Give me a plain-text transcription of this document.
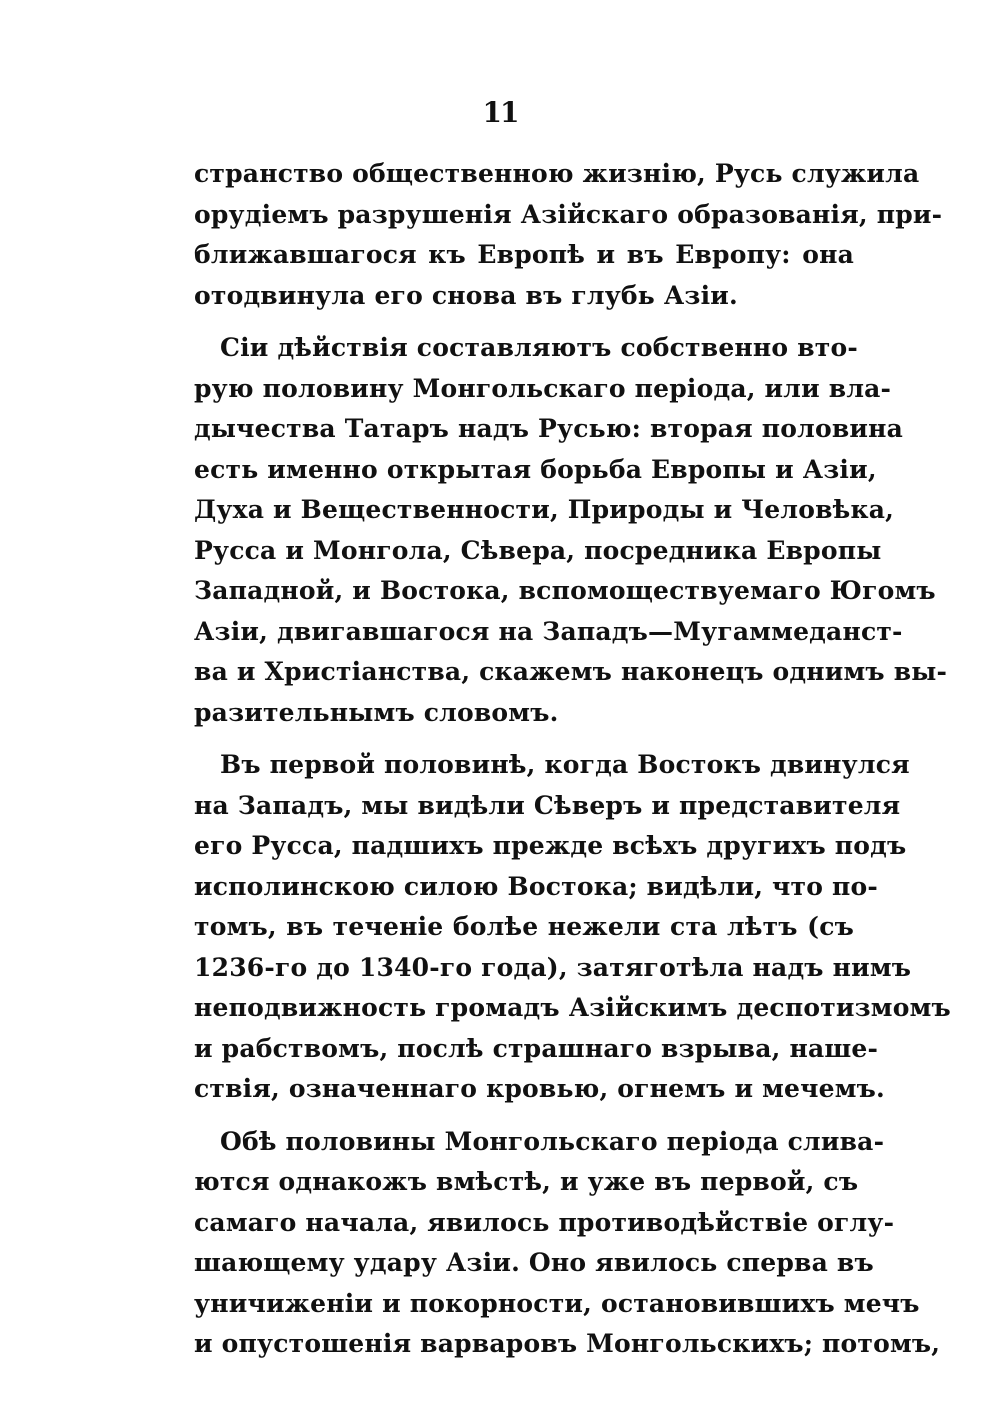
11
странство общественною жизнію, Русь служила
орудіемъ разрушенія Азійскаго образованія, при-
ближавшагося къ Европѣ и въ Европу: она
отодвинула его снова въ глубь Азіи.
Сіи дѣйствія составляютъ собственно вто-
рую половину Монгольскаго періода, или вла-
дычества Татаръ надъ Русью: вторая половина
есть именно открытая борьба Европы и Азіи,
Духа и Вещественности, Природы и Человѣка,
Русса и Монгола, Сѣвера, посредника Европы
Западной, и Востока, вспомоществуемаго Югомъ
Азіи, двигавшагося на Западъ—Мугаммеданст-
ва и Христіанства, скажемъ наконецъ однимъ вы-
разительнымъ словомъ.
Въ первой половинѣ, когда Востокъ двинулся
на Западъ, мы видѣли Сѣверъ и представителя
его Русса, падшихъ прежде всѣхъ другихъ подъ
исполинскою силою Востока; видѣли, что по-
томъ, въ теченіе болѣе нежели ста лѣтъ (съ
1236-го до 1340-го года), затяготѣла надъ нимъ
неподвижность громадъ Азійскимъ деспотизмомъ
и рабствомъ, послѣ страшнаго взрыва, наше-
ствія, означеннаго кровью, огнемъ и мечемъ.
Обѣ половины Монгольскаго періода слива-
ются однакожъ вмѣстѣ, и уже въ первой, съ
самаго начала, явилось противодѣйствіе оглу-
шающему удару Азіи. Оно явилось сперва въ
уничиженіи и покорности, остановившихъ мечъ
и опустошенія варваровъ Монгольскихъ; потомъ,
